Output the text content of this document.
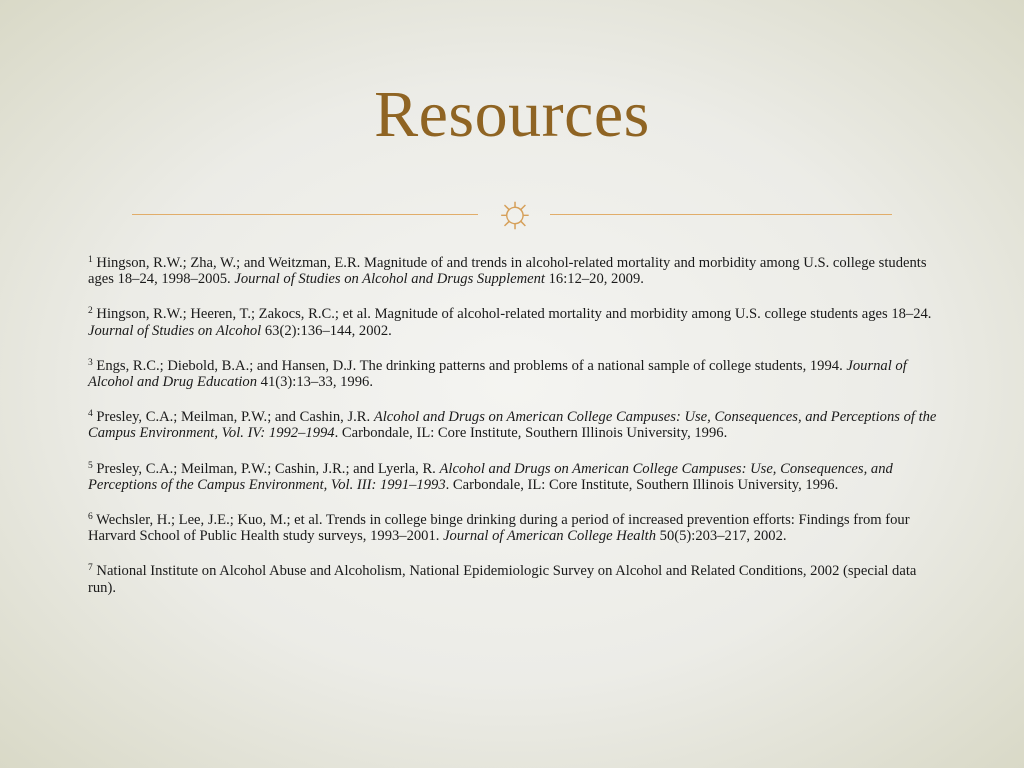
Resources
☼

$^1$ Hingson, R.W.; Zha, W.; and Weitzman, E.R. Magnitude of and trends in alcohol-related mortality and morbidity among U.S. college students ages 18–24, 1998–2005. Journal of Studies on Alcohol and Drugs Supplement 16:12–20, 2009.

$^2$ Hingson, R.W.; Heeren, T.; Zakocs, R.C.; et al. Magnitude of alcohol-related mortality and morbidity among U.S. college students ages 18–24. Journal of Studies on Alcohol 63(2):136–144, 2002.

$^3$ Engs, R.C.; Diebold, B.A.; and Hansen, D.J. The drinking patterns and problems of a national sample of college students, 1994. Journal of Alcohol and Drug Education 41(3):13–33, 1996.

$^4$ Presley, C.A.; Meilman, P.W.; and Cashin, J.R. Alcohol and Drugs on American College Campuses: Use, Consequences, and Perceptions of the Campus Environment, Vol. IV: 1992–1994. Carbondale, IL: Core Institute, Southern Illinois University, 1996.

$^5$ Presley, C.A.; Meilman, P.W.; Cashin, J.R.; and Lyerla, R. Alcohol and Drugs on American College Campuses: Use, Consequences, and Perceptions of the Campus Environment, Vol. III: 1991–1993. Carbondale, IL: Core Institute, Southern Illinois University, 1996.

$^6$ Wechsler, H.; Lee, J.E.; Kuo, M.; et al. Trends in college binge drinking during a period of increased prevention efforts: Findings from four Harvard School of Public Health study surveys, 1993–2001. Journal of American College Health 50(5):203–217, 2002.

$^7$ National Institute on Alcohol Abuse and Alcoholism, National Epidemiologic Survey on Alcohol and Related Conditions, 2002 (special data run).
